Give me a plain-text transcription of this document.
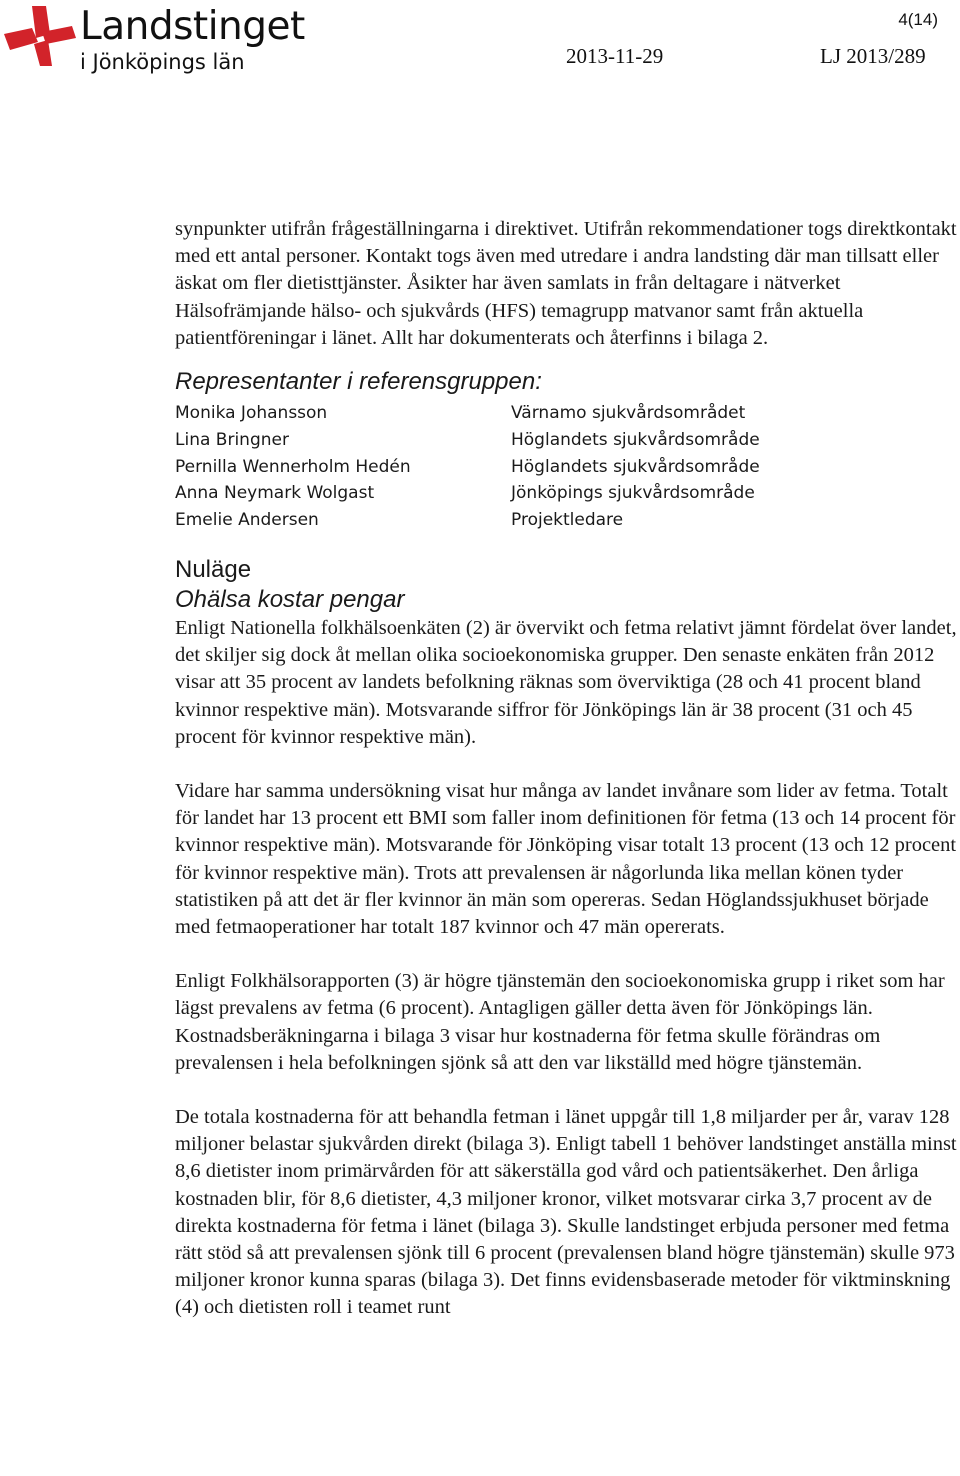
Landstinget
i Jönköpings län
4(14)
2013-11-29	LJ 2013/289

synpunkter utifrån frågeställningarna i direktivet. Utifrån rekommendationer togs direktkontakt med ett antal personer. Kontakt togs även med utredare i andra landsting där man tillsatt eller äskat om fler dietisttjänster. Åsikter har även samlats in från deltagare i nätverket Hälsofrämjande hälso- och sjukvårds (HFS) temagrupp matvanor samt från aktuella patientföreningar i länet. Allt har dokumenterats och återfinns i bilaga 2.

Representanter i referensgruppen:
Monika Johansson	Värnamo sjukvårdsområdet
Lina Bringner	Höglandets sjukvårdsområde
Pernilla Wennerholm Hedén	Höglandets sjukvårdsområde
Anna Neymark Wolgast	Jönköpings sjukvårdsområde
Emelie Andersen	Projektledare
Nuläge
Ohälsa kostar pengar

Enligt Nationella folkhälsoenkäten (2) är övervikt och fetma relativt jämnt fördelat över landet, det skiljer sig dock åt mellan olika socioekonomiska grupper. Den senaste enkäten från 2012 visar att 35 procent av landets befolkning räknas som överviktiga (28 och 41 procent bland kvinnor respektive män). Motsvarande siffror för Jönköpings län är 38 procent (31 och 45 procent för kvinnor respektive män).

Vidare har samma undersökning visat hur många av landet invånare som lider av fetma. Totalt för landet har 13 procent ett BMI som faller inom definitionen för fetma (13 och 14 procent för kvinnor respektive män). Motsvarande för Jönköping visar totalt 13 procent (13 och 12 procent för kvinnor respektive män). Trots att prevalensen är någorlunda lika mellan könen tyder statistiken på att det är fler kvinnor än män som opereras. Sedan Höglandssjukhuset började med fetmaoperationer har totalt 187 kvinnor och 47 män opererats.

Enligt Folkhälsorapporten (3) är högre tjänstemän den socioekonomiska grupp i riket som har lägst prevalens av fetma (6 procent). Antagligen gäller detta även för Jönköpings län. Kostnadsberäkningarna i bilaga 3 visar hur kostnaderna för fetma skulle förändras om prevalensen i hela befolkningen sjönk så att den var likställd med högre tjänstemän.

De totala kostnaderna för att behandla fetman i länet uppgår till 1,8 miljarder per år, varav 128 miljoner belastar sjukvården direkt (bilaga 3). Enligt tabell 1 behöver landstinget anställa minst 8,6 dietister inom primärvården för att säkerställa god vård och patientsäkerhet. Den årliga kostnaden blir, för 8,6 dietister, 4,3 miljoner kronor, vilket motsvarar cirka 3,7 procent av de direkta kostnaderna för fetma i länet (bilaga 3). Skulle landstinget erbjuda personer med fetma rätt stöd så att prevalensen sjönk till 6 procent (prevalensen bland högre tjänstemän) skulle 973 miljoner kronor kunna sparas (bilaga 3). Det finns evidensbaserade metoder för viktminskning (4) och dietisten roll i teamet runt
